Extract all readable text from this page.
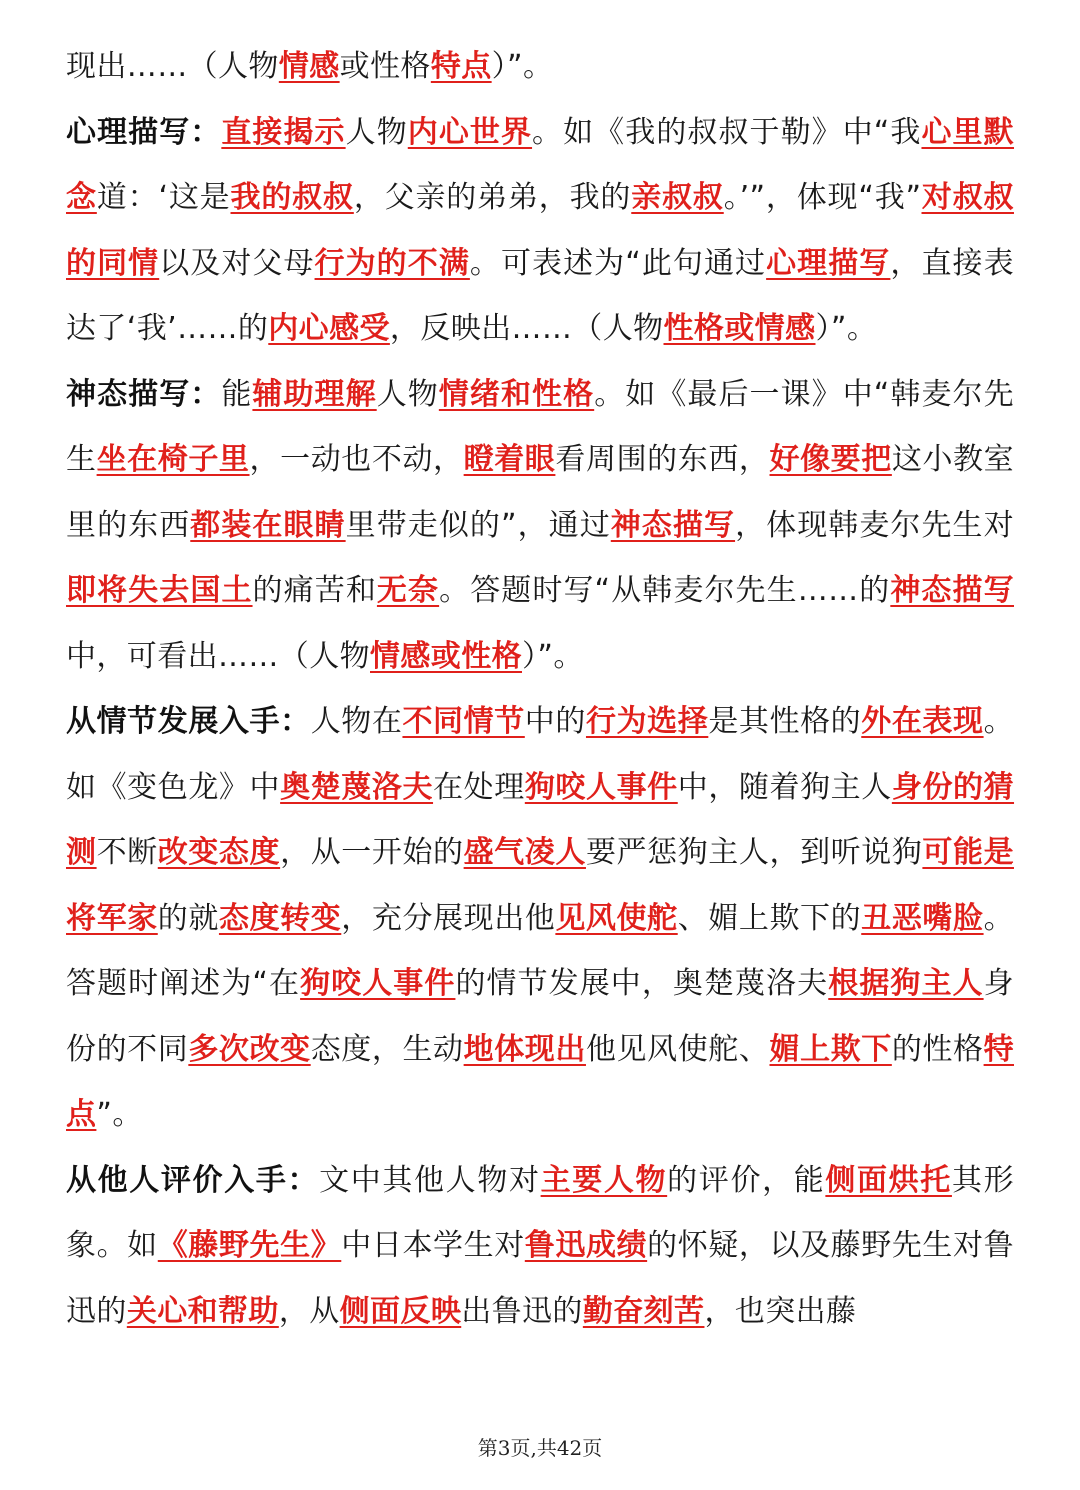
现出……（人物情感或性格特点）”。

心理描写：直接揭示人物内心世界。如《我的叔叔于勒》中“我心里默念道：‘这是我的叔叔，父亲的弟弟，我的亲叔叔。’”，体现“我”对叔叔的同情以及对父母行为的不满。可表述为“此句通过心理描写，直接表达了‘我’……的内心感受，反映出……（人物性格或情感）”。

神态描写：能辅助理解人物情绪和性格。如《最后一课》中“韩麦尔先生坐在椅子里，一动也不动，瞪着眼看周围的东西，好像要把这小教室里的东西都装在眼睛里带走似的”，通过神态描写，体现韩麦尔先生对即将失去国土的痛苦和无奈。答题时写“从韩麦尔先生……的神态描写中，可看出……（人物情感或性格）”。

从情节发展入手：人物在不同情节中的行为选择是其性格的外在表现。如《变色龙》中奥楚蔑洛夫在处理狗咬人事件中，随着狗主人身份的猜测不断改变态度，从一开始的盛气凌人要严惩狗主人，到听说狗可能是将军家的就态度转变，充分展现出他见风使舵、媚上欺下的丑恶嘴脸。答题时阐述为“在狗咬人事件的情节发展中，奥楚蔑洛夫根据狗主人身份的不同多次改变态度，生动地体现出他见风使舵、媚上欺下的性格特点”。

从他人评价入手：文中其他人物对主要人物的评价，能侧面烘托其形象。如《藤野先生》中日本学生对鲁迅成绩的怀疑，以及藤野先生对鲁迅的关心和帮助，从侧面反映出鲁迅的勤奋刻苦，也突出藤

第3页,共42页
